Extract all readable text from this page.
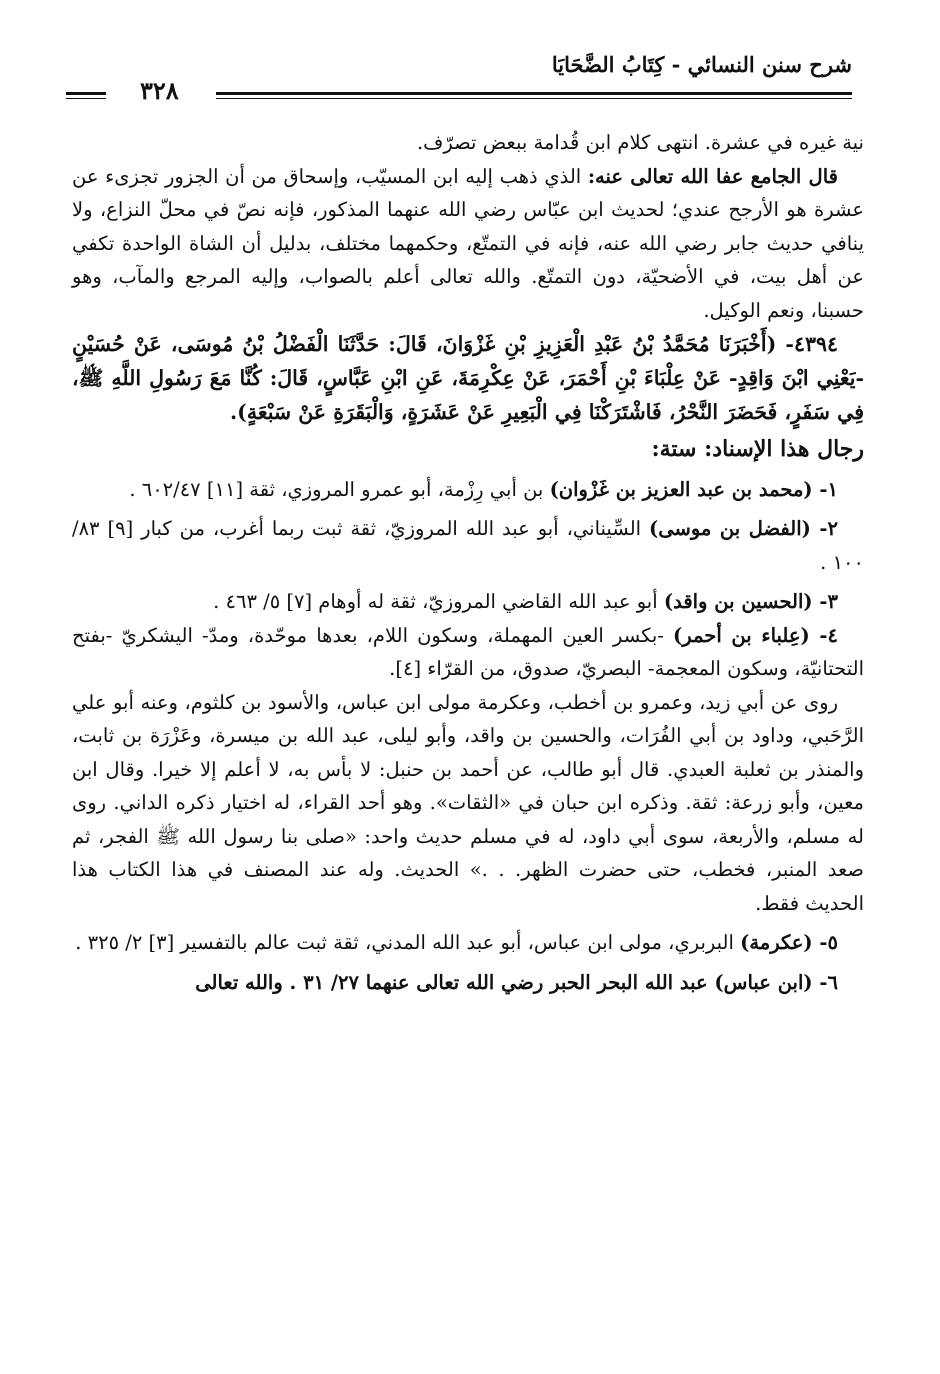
شرح سنن النسائي - كِتَابُ الضَّحَايَا
٣٢٨

نية غيره في عشرة. انتهى كلام ابن قُدامة ببعض تصرّف.

قال الجامع عفا الله تعالى عنه: الذي ذهب إليه ابن المسيّب، وإسحاق من أن الجزور تجزىء عن عشرة هو الأرجح عندي؛ لحديث ابن عبّاس رضي الله عنهما المذكور، فإنه نصّ في محلّ النزاع، ولا ينافي حديث جابر رضي الله عنه، فإنه في التمتّع، وحكمهما مختلف، بدليل أن الشاة الواحدة تكفي عن أهل بيت، في الأضحيّة، دون التمتّع. والله تعالى أعلم بالصواب، وإليه المرجع والمآب، وهو حسبنا، ونعم الوكيل.

٤٣٩٤- (أَخْبَرَنَا مُحَمَّدُ بْنُ عَبْدِ الْعَزِيزِ بْنِ غَزْوَانَ، قَالَ: حَدَّثَنَا الْفَضْلُ بْنُ مُوسَى، عَنْ حُسَيْنٍ -يَعْنِي ابْنَ وَاقِدٍ- عَنْ عِلْبَاءَ بْنِ أَحْمَرَ، عَنْ عِكْرِمَةَ، عَنِ ابْنِ عَبَّاسٍ، قَالَ: كُنَّا مَعَ رَسُولِ اللَّهِ ﷺ، فِي سَفَرٍ، فَحَضَرَ النَّحْرُ، فَاشْتَرَكْنَا فِي الْبَعِيرِ عَنْ عَشَرَةٍ، وَالْبَقَرَةِ عَنْ سَبْعَةٍ).

رجال هذا الإسناد: ستة:

١- (محمد بن عبد العزيز بن غَزْوان) بن أبي رِزْمة، أبو عمرو المروزي، ثقة [١١] ٦٠٢/٤٧ .

٢- (الفضل بن موسى) السِّيناني، أبو عبد الله المروزيّ، ثقة ثبت ربما أغرب، من كبار [٩] ٨٣/ ١٠٠ .

٣- (الحسين بن واقد) أبو عبد الله القاضي المروزيّ، ثقة له أوهام [٧] ٥/ ٤٦٣ .

٤- (عِلباء بن أحمر) -بكسر العين المهملة، وسكون اللام، بعدها موحّدة، ومدّ- اليشكريّ -بفتح التحتانيّة، وسكون المعجمة- البصريّ، صدوق، من القرّاء [٤].

روى عن أبي زيد، وعمرو بن أخطب، وعكرمة مولى ابن عباس، والأسود بن كلثوم، وعنه أبو علي الرَّحَبي، وداود بن أبي الفُرَات، والحسين بن واقد، وأبو ليلى، عبد الله بن ميسرة، وعَزْرَة بن ثابت، والمنذر بن ثعلبة العبدي. قال أبو طالب، عن أحمد بن حنبل: لا بأس به، لا أعلم إلا خيرا. وقال ابن معين، وأبو زرعة: ثقة. وذكره ابن حبان في «الثقات». وهو أحد القراء، له اختيار ذكره الداني. روى له مسلم، والأربعة، سوى أبي داود، له في مسلم حديث واحد: «صلى بنا رسول الله ﷺ الفجر، ثم صعد المنبر، فخطب، حتى حضرت الظهر. . .» الحديث. وله عند المصنف في هذا الكتاب هذا الحديث فقط.

٥- (عكرمة) البربري، مولى ابن عباس، أبو عبد الله المدني، ثقة ثبت عالم بالتفسير [٣] ٢/ ٣٢٥ .

٦- (ابن عباس) عبد الله البحر الحبر رضي الله تعالى عنهما ٢٧/ ٣١ . والله تعالى
